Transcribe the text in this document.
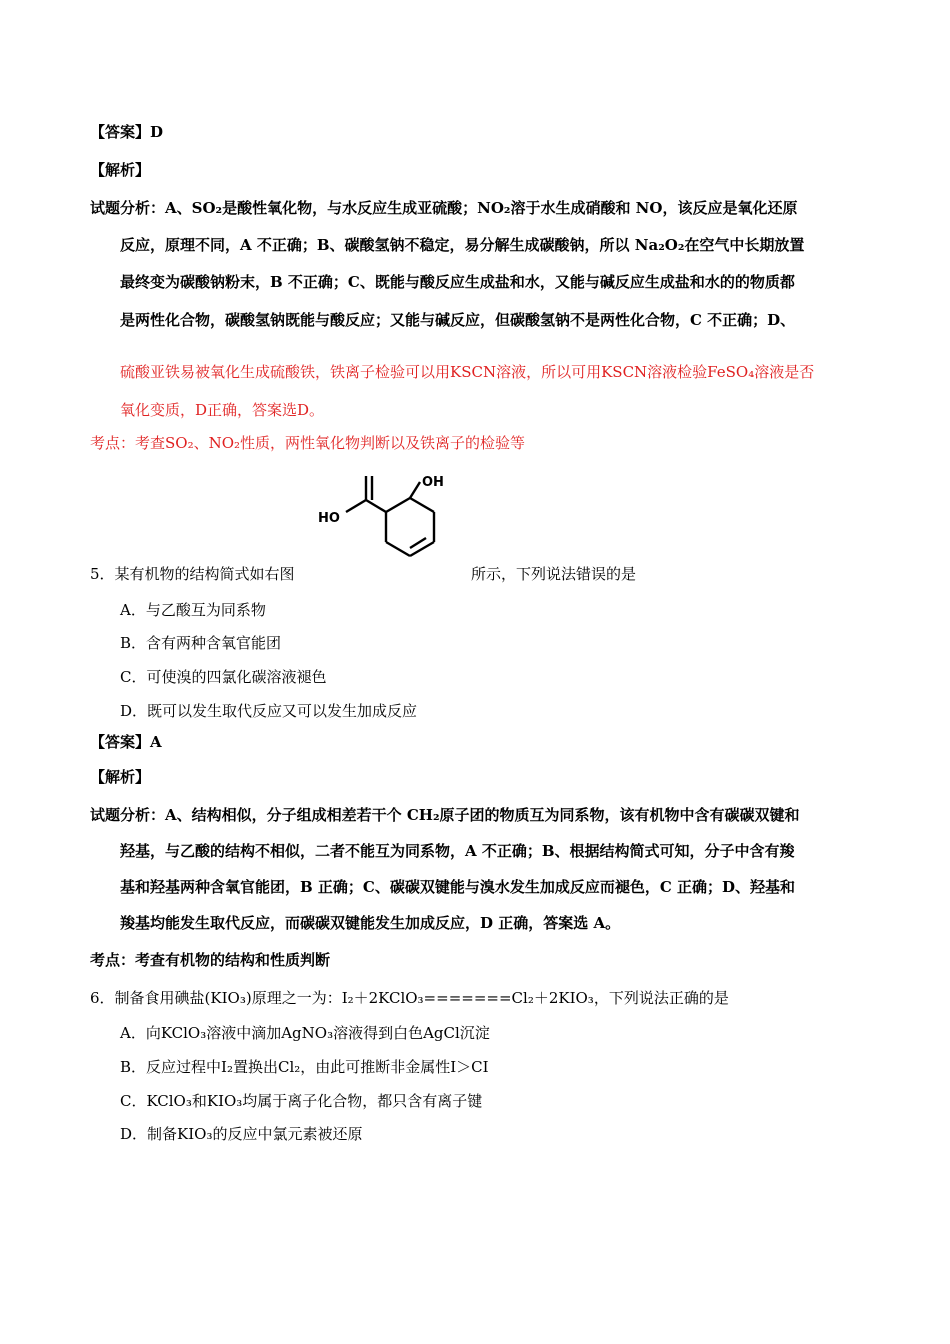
【答案】D
【解析】
试题分析：A、SO₂是酸性氧化物，与水反应生成亚硫酸；NO₂溶于水生成硝酸和 NO，该反应是氧化还原
反应，原理不同，A 不正确；B、碳酸氢钠不稳定，易分解生成碳酸钠，所以 Na₂O₂在空气中长期放置
最终变为碳酸钠粉末，B 不正确；C、既能与酸反应生成盐和水，又能与碱反应生成盐和水的的物质都
是两性化合物，碳酸氢钠既能与酸反应；又能与碱反应，但碳酸氢钠不是两性化合物，C 不正确；D、
硫酸亚铁易被氧化生成硫酸铁，铁离子检验可以用KSCN溶液，所以可用KSCN溶液检验FeSO₄溶液是否
氧化变质，D正确，答案选D。
考点：考查SO₂、NO₂性质，两性氧化物判断以及铁离子的检验等
OH
HO
5．某有机物的结构简式如右图	所示，下列说法错误的是
A．与乙酸互为同系物
B．含有两种含氧官能团
C．可使溴的四氯化碳溶液褪色
D．既可以发生取代反应又可以发生加成反应
【答案】A
【解析】
试题分析：A、结构相似，分子组成相差若干个 CH₂原子团的物质互为同系物，该有机物中含有碳碳双键和
羟基，与乙酸的结构不相似，二者不能互为同系物，A 不正确；B、根据结构简式可知，分子中含有羧
基和羟基两种含氧官能团，B 正确；C、碳碳双键能与溴水发生加成反应而褪色，C 正确；D、羟基和
羧基均能发生取代反应，而碳碳双键能发生加成反应，D 正确，答案选 A。
考点：考查有机物的结构和性质判断
6．制备食用碘盐(KIO₃)原理之一为：I₂＋2KClO₃=======Cl₂＋2KIO₃，下列说法正确的是
A．向KClO₃溶液中滴加AgNO₃溶液得到白色AgCl沉淀
B．反应过程中I₂置换出Cl₂，由此可推断非金属性I＞CI
C．KClO₃和KIO₃均属于离子化合物，都只含有离子键
D．制备KIO₃的反应中氯元素被还原
